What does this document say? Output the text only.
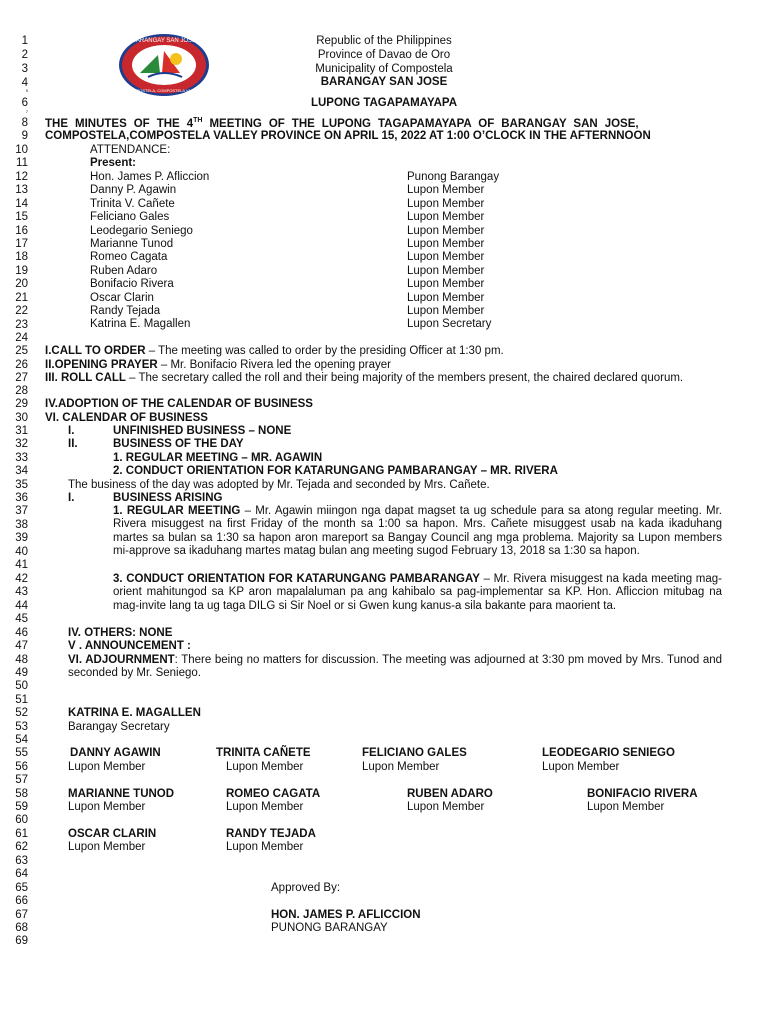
BARANGAY SAN JOSE
COMPOSTELA, COMPOSTELA VALLEY
1
2
3
4
5
6
7
8
9
10
11
12
13
14
15
16
17
18
19
20
21
22
23
24
25
26
27
28
29
30
31
32
33
34
35
36
37
38
39
40
41
42
43
44
45
46
47
48
49
50
51
52
53
54
55
56
57
58
59
60
61
62
63
64
65
66
67
68
69
Republic of the Philippines
Province of Davao de Oro
Municipality of Compostela
BARANGAY SAN JOSE
LUPONG TAGAPAMAYAPA
THE MINUTES OF THE 4TH MEETING OF THE LUPONG TAGAPAMAYAPA OF BARANGAY SAN JOSE,
COMPOSTELA,COMPOSTELA VALLEY PROVINCE ON APRIL 15, 2022 AT 1:00 O’CLOCK IN THE AFTERNNOON
ATTENDANCE:
Present:
Hon. James P. Afliccion	Punong Barangay
Danny P. Agawin	Lupon Member
Trinita V. Cañete	Lupon Member
Feliciano Gales	Lupon Member
Leodegario Seniego	Lupon Member
Marianne Tunod	Lupon Member
Romeo Cagata	Lupon Member
Ruben Adaro	Lupon Member
Bonifacio Rivera	Lupon Member
Oscar Clarin	Lupon Member
Randy Tejada	Lupon Member
Katrina E. Magallen	Lupon Secretary
I.CALL TO ORDER – The meeting was called to order by the presiding Officer at 1:30 pm.
II.OPENING PRAYER – Mr. Bonifacio Rivera led the opening prayer
III. ROLL CALL – The secretary called the roll and their being majority of the members present, the chaired declared quorum.
IV.ADOPTION OF THE CALENDAR OF BUSINESS
VI. CALENDAR OF BUSINESS
I.	UNFINISHED BUSINESS – NONE
II.	BUSINESS OF THE DAY
1. REGULAR MEETING – MR. AGAWIN
2. CONDUCT ORIENTATION FOR KATARUNGANG PAMBARANGAY – MR. RIVERA
The business of the day was adopted by Mr. Tejada and seconded by Mrs. Cañete.
I.	BUSINESS ARISING
1. REGULAR MEETING – Mr. Agawin miingon nga dapat magset ta ug schedule para sa atong regular meeting. Mr. Rivera misuggest na first Friday of the month sa 1:00 sa hapon. Mrs. Cañete misuggest usab na kada ikaduhang martes sa bulan sa 1:30 sa hapon aron mareport sa Bangay Council ang mga problema. Majority sa Lupon members mi-approve sa ikaduhang martes matag bulan ang meeting sugod February 13, 2018 sa 1:30 sa hapon.
3. CONDUCT ORIENTATION FOR KATARUNGANG PAMBARANGAY – Mr. Rivera misuggest na kada meeting mag-orient mahitungod sa KP aron mapalaluman pa ang kahibalo sa pag-implementar sa KP. Hon. Afliccion mitubag na mag-invite lang ta ug taga DILG si Sir Noel or si Gwen kung kanus-a sila bakante para maorient ta.
IV. OTHERS: NONE
V . ANNOUNCEMENT :
VI. ADJOURNMENT: There being no matters for discussion. The meeting was adjourned at 3:30 pm moved by Mrs. Tunod and seconded by Mr. Seniego.
KATRINA E. MAGALLEN
Barangay Secretary
DANNY AGAWIN
Lupon Member
TRINITA CAÑETE
Lupon Member
FELICIANO GALES
Lupon Member
LEODEGARIO SENIEGO
Lupon Member
MARIANNE TUNOD
Lupon Member
ROMEO CAGATA
Lupon Member
RUBEN ADARO
Lupon Member
BONIFACIO RIVERA
Lupon Member
OSCAR CLARIN
Lupon Member
RANDY TEJADA
Lupon Member
Approved By:
HON. JAMES P. AFLICCION
PUNONG BARANGAY
